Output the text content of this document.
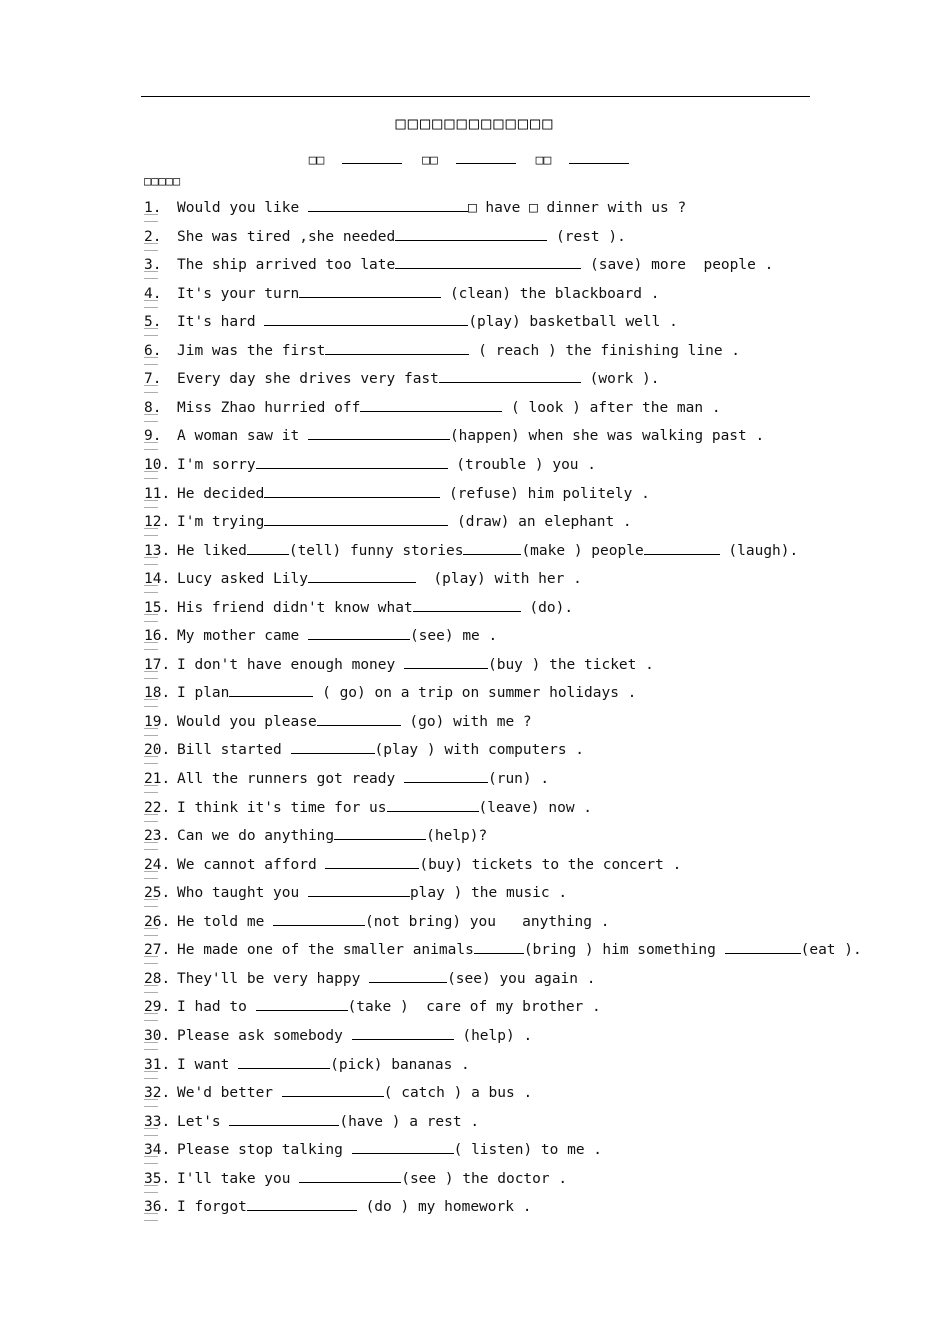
□□□□□□□□□□□□□
□□	□□	□□
□□□□□
1. Would you like	□ have □ dinner with us ?
2. She was tired ,she needed	(rest ).
3. The ship arrived too late	(save) more  people .
4. It's your turn	(clean) the blackboard .
5. It's hard	(play) basketball well .
6. Jim was the first	( reach ) the finishing line .
7. Every day she drives very fast	(work ).
8. Miss Zhao hurried off	( look ) after the man .
9. A woman saw it	(happen) when she was walking past .
10. I'm sorry	(trouble ) you .
11. He decided	(refuse) him politely .
12. I'm trying	(draw) an elephant .
13. He liked	(tell) funny stories	(make ) people	(laugh).
14. Lucy asked Lily	(play) with her .
15. His friend didn't know what	(do).
16. My mother came	(see) me .
17. I don't have enough money	(buy ) the ticket .
18. I plan	( go) on a trip on summer holidays .
19. Would you please	(go) with me ?
20. Bill started	(play ) with computers .
21. All the runners got ready	(run) .
22. I think it's time for us	(leave) now .
23. Can we do anything	(help)?
24. We cannot afford	(buy) tickets to the concert .
25. Who taught you	play ) the music .
26. He told me	(not bring) you   anything .
27. He made one of the smaller animals	(bring ) him something	(eat ).
28. They'll be very happy	(see) you again .
29. I had to	(take )  care of my brother .
30. Please ask somebody	(help) .
31. I want	(pick) bananas .
32. We'd better	( catch ) a bus .
33. Let's	(have ) a rest .
34. Please stop talking	( listen) to me .
35. I'll take you	(see ) the doctor .
36. I forgot	(do ) my homework .
